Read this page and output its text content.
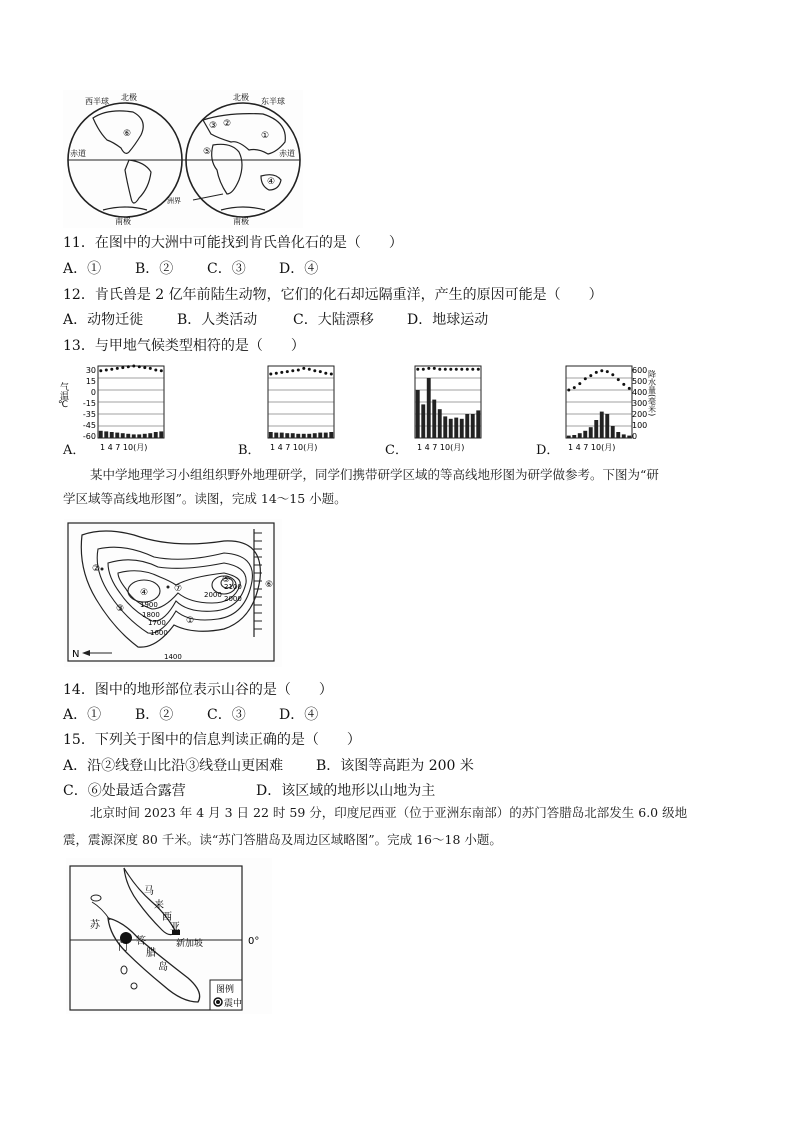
西半球 北极	北极 东半球
赤道	赤道
南极	南极
洲界
①
②
③
④
⑤
⑥
11．在图中的大洲中可能找到肯氏兽化石的是（　　）
A．① B．② C．③ D．④
12．肯氏兽是 2 亿年前陆生动物，它们的化石却远隔重洋，产生的原因可能是（　　）
A．动物迁徙 B．人类活动	C．大陆漂移 D．地球运动
13．与甲地气候类型相符的是（　　）
A．	B．	C．	D．
气温℃
30
15
0
-15
-35
-45
-60
1 4 7 10(月)	1 4 7 10(月)	1 4 7 10(月)	1 4 7 10(月)
600
500
400
300
200
100
0
降水量(毫米)
某中学地理学习小组组织野外地理研学，同学们携带研学区域的等高线地形图为研学做参考。下图为“研
学区域等高线地形图”。读图，完成 14～15 小题。
N
2000
1900
1800
1700
1600
1400
2000
2100
①
②
③
④
⑤	⑥
⑦
14．图中的地形部位表示山谷的是（　　）
A．① B．② C．③ D．④
15．下列关于图中的信息判读正确的是（　　）
A．沿②线登山比沿③线登山更困难 B．该图等高距为 200 米
C．⑥处最适合露营	D．该区域的地形以山地为主
北京时间 2023 年 4 月 3 日 22 时 59 分，印度尼西亚（位于亚洲东南部）的苏门答腊岛北部发生 6.0 级地
震，震源深度 80 千米。读“苏门答腊岛及周边区域略图”。完成 16～18 小题。
马
来
西
亚
新加坡
苏
门
答
腊
岛
0°
图例
震中
